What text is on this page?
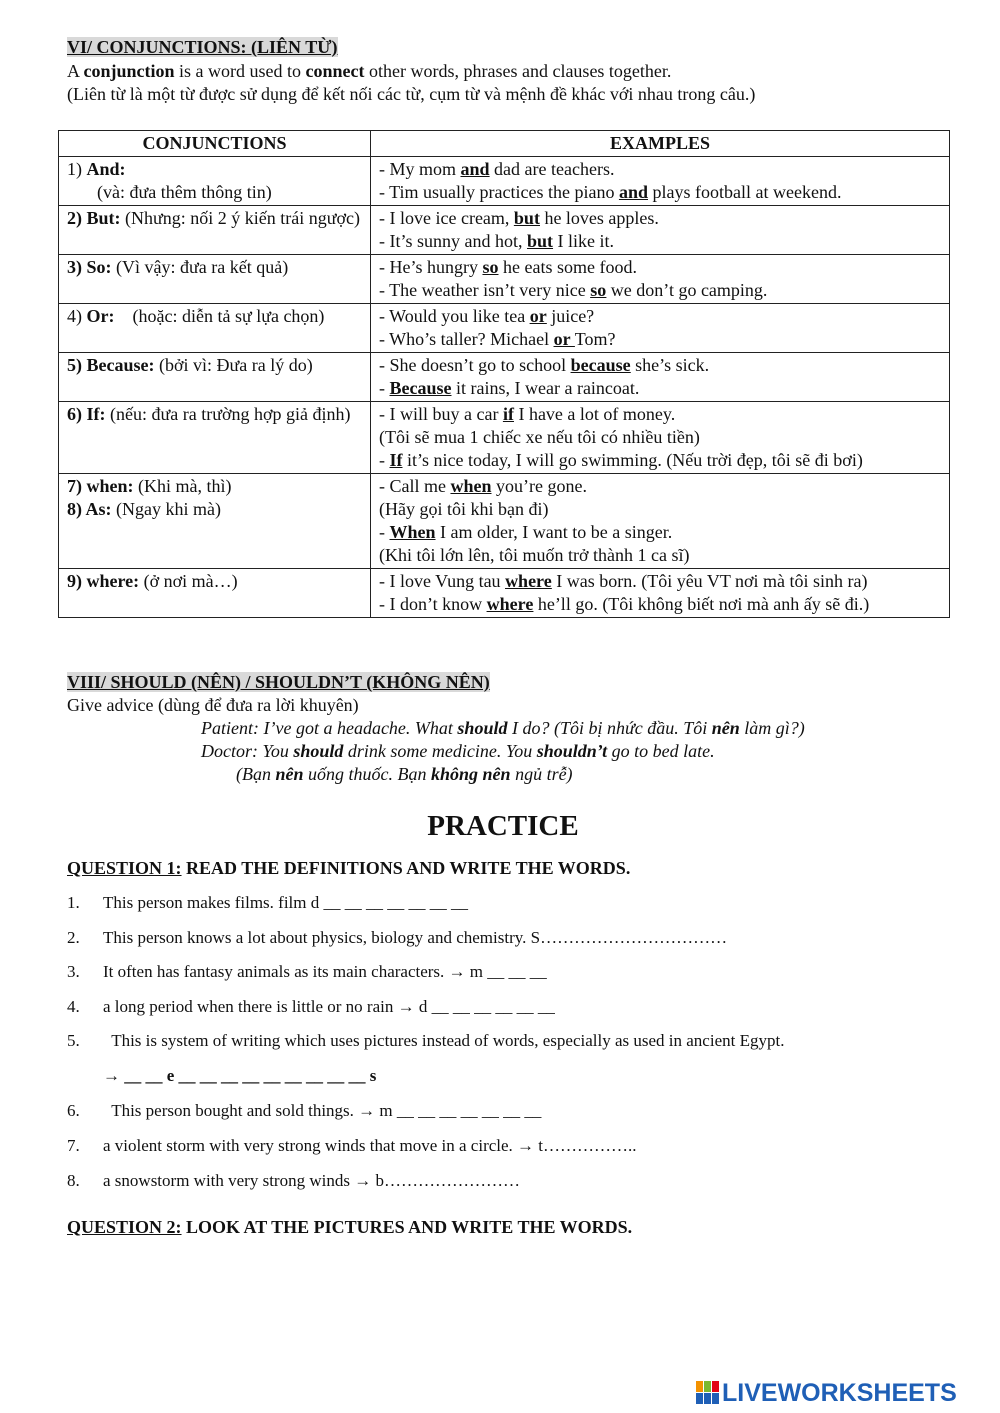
VI/ CONJUNCTIONS: (LIÊN TỪ)
A conjunction is a word used to connect other words, phrases and clauses together.
(Liên từ là một từ được sử dụng để kết nối các từ, cụm từ và mệnh đề khác với nhau trong câu.)
CONJUNCTIONS	EXAMPLES
1) And:
(và: đưa thêm thông tin)	- My mom and dad are teachers.
- Tim usually practices the piano and plays football at weekend.

2) But: (Nhưng: nối 2 ý kiến trái ngược)	- I love ice cream, but he loves apples.
- It’s sunny and hot, but I like it.

3) So: (Vì vậy: đưa ra kết quả)	- He’s hungry so he eats some food.
- The weather isn’t very nice so we don’t go camping.

4) Or:    (hoặc: diễn tả sự lựa chọn)	- Would you like tea or juice?
- Who’s taller? Michael or Tom?

5) Because: (bởi vì: Đưa ra lý do)	- She doesn’t go to school because she’s sick.
- Because it rains, I wear a raincoat.

6) If: (nếu: đưa ra trường hợp giả định)	- I will buy a car if I have a lot of money.
(Tôi sẽ mua 1 chiếc xe nếu tôi có nhiều tiền)
- If it’s nice today, I will go swimming. (Nếu trời đẹp, tôi sẽ đi bơi)

7) when: (Khi mà, thì)
8) As: (Ngay khi mà)	- Call me when you’re gone.
(Hãy gọi tôi khi bạn đi)
- When I am older, I want to be a singer.
(Khi tôi lớn lên, tôi muốn trở thành 1 ca sĩ)

9) where: (ở nơi mà…)	- I love Vung tau where I was born. (Tôi yêu VT nơi mà tôi sinh ra)
- I don’t know where he’ll go. (Tôi không biết nơi mà anh ấy sẽ đi.)
VIII/ SHOULD (NÊN) / SHOULDN’T (KHÔNG NÊN)
Give advice (dùng để đưa ra lời khuyên)
Patient: I’ve got a headache. What should I do? (Tôi bị nhức đầu. Tôi nên làm gì?)
Doctor: You should drink some medicine. You shouldn’t go to bed late.
(Bạn nên uống thuốc. Bạn không nên ngủ trễ)
PRACTICE
QUESTION 1: READ THE DEFINITIONS AND WRITE THE WORDS.
1. This person makes films. film d __ __ __ __ __ __ __
2. This person knows a lot about physics, biology and chemistry. S……………………………
3. It often has fantasy animals as its main characters. → m __ __ __
4. a long period when there is little or no rain → d __ __ __ __ __ __
5.  This is system of writing which uses pictures instead of words, especially as used in ancient Egypt.
→ __ __ e __ __ __ __ __ __ __ __ __ s
6.  This person bought and sold things. → m __ __ __ __ __ __ __
7. a violent storm with very strong winds that move in a circle. → t……………..
8. a snowstorm with very strong winds → b……………………
QUESTION 2: LOOK AT THE PICTURES AND WRITE THE WORDS.
LIVEWORKSHEETS
